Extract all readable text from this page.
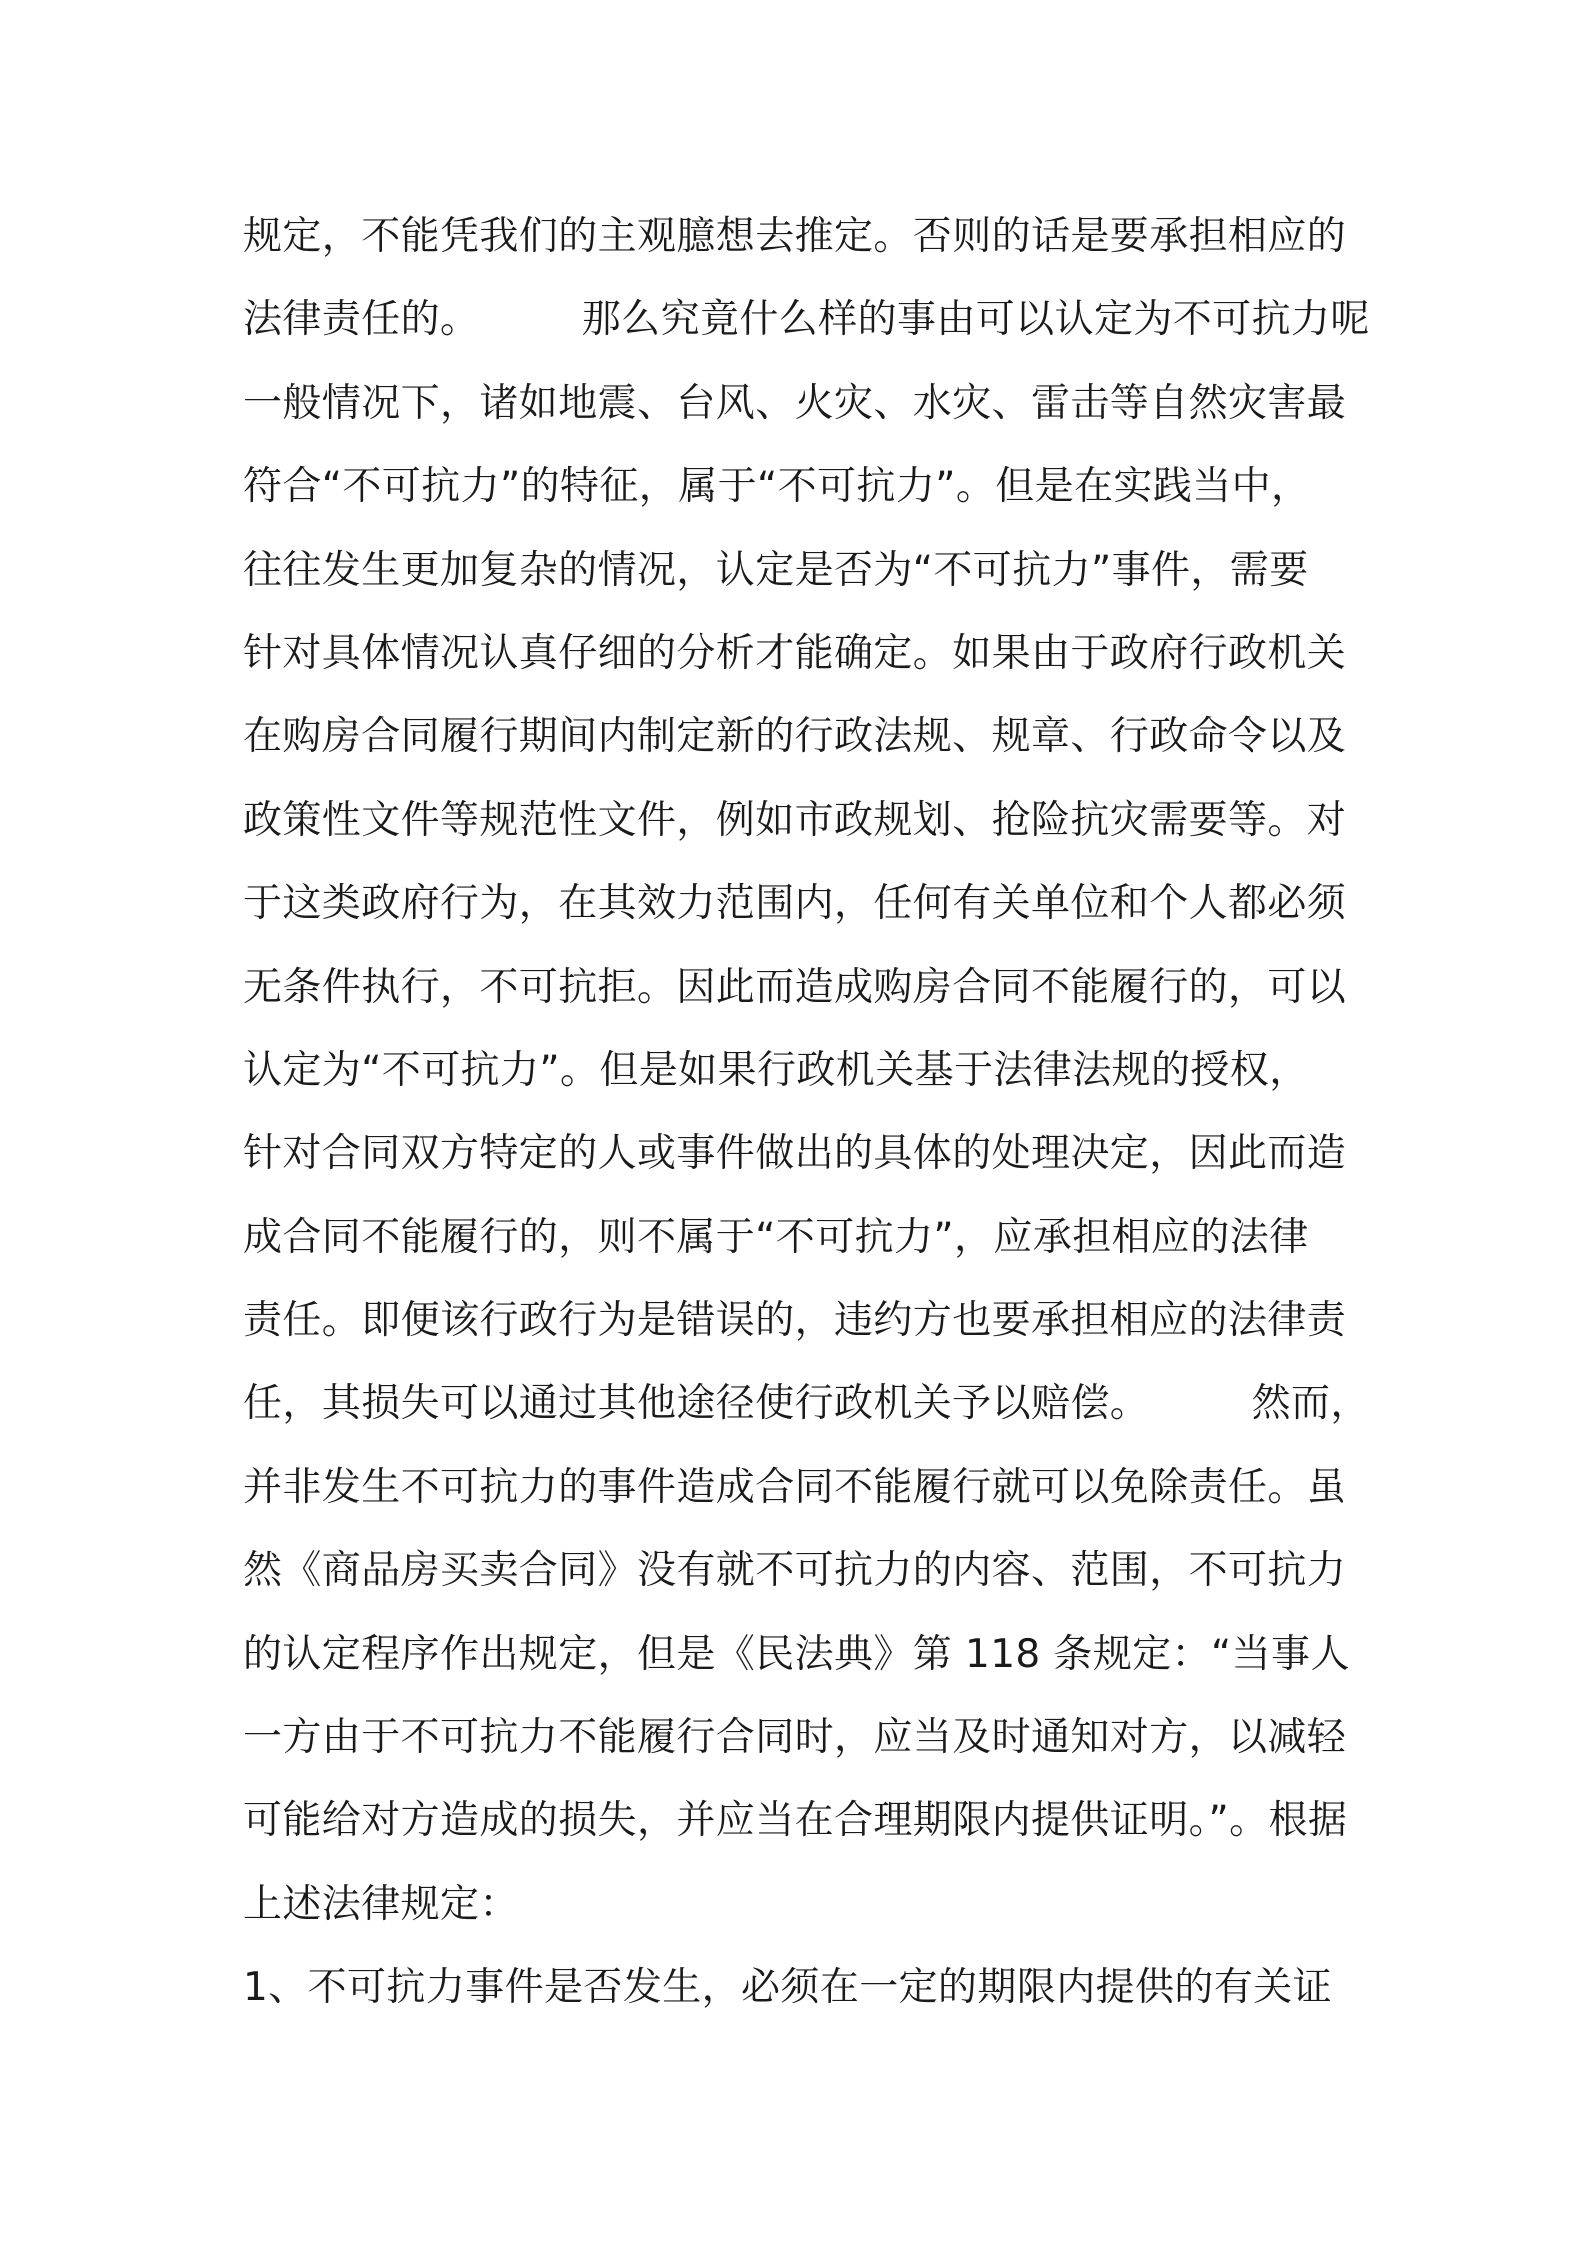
规定，不能凭我们的主观臆想去推定。否则的话是要承担相应的
法律责任的。        那么究竟什么样的事由可以认定为不可抗力呢
一般情况下，诸如地震、台风、火灾、水灾、雷击等自然灾害最
符合“不可抗力”的特征，属于“不可抗力”。但是在实践当中，
往往发生更加复杂的情况，认定是否为“不可抗力”事件，需要
针对具体情况认真仔细的分析才能确定。如果由于政府行政机关
在购房合同履行期间内制定新的行政法规、规章、行政命令以及
政策性文件等规范性文件，例如市政规划、抢险抗灾需要等。对
于这类政府行为，在其效力范围内，任何有关单位和个人都必须
无条件执行，不可抗拒。因此而造成购房合同不能履行的，可以
认定为“不可抗力”。但是如果行政机关基于法律法规的授权，
针对合同双方特定的人或事件做出的具体的处理决定，因此而造
成合同不能履行的，则不属于“不可抗力”，应承担相应的法律
责任。即便该行政行为是错误的，违约方也要承担相应的法律责
任，其损失可以通过其他途径使行政机关予以赔偿。        然而，
并非发生不可抗力的事件造成合同不能履行就可以免除责任。虽
然《商品房买卖合同》没有就不可抗力的内容、范围，不可抗力
的认定程序作出规定，但是《民法典》第 118 条规定：“当事人
一方由于不可抗力不能履行合同时，应当及时通知对方，以减轻
可能给对方造成的损失，并应当在合理期限内提供证明。”。根据
上述法律规定：
1、不可抗力事件是否发生，必须在一定的期限内提供的有关证
